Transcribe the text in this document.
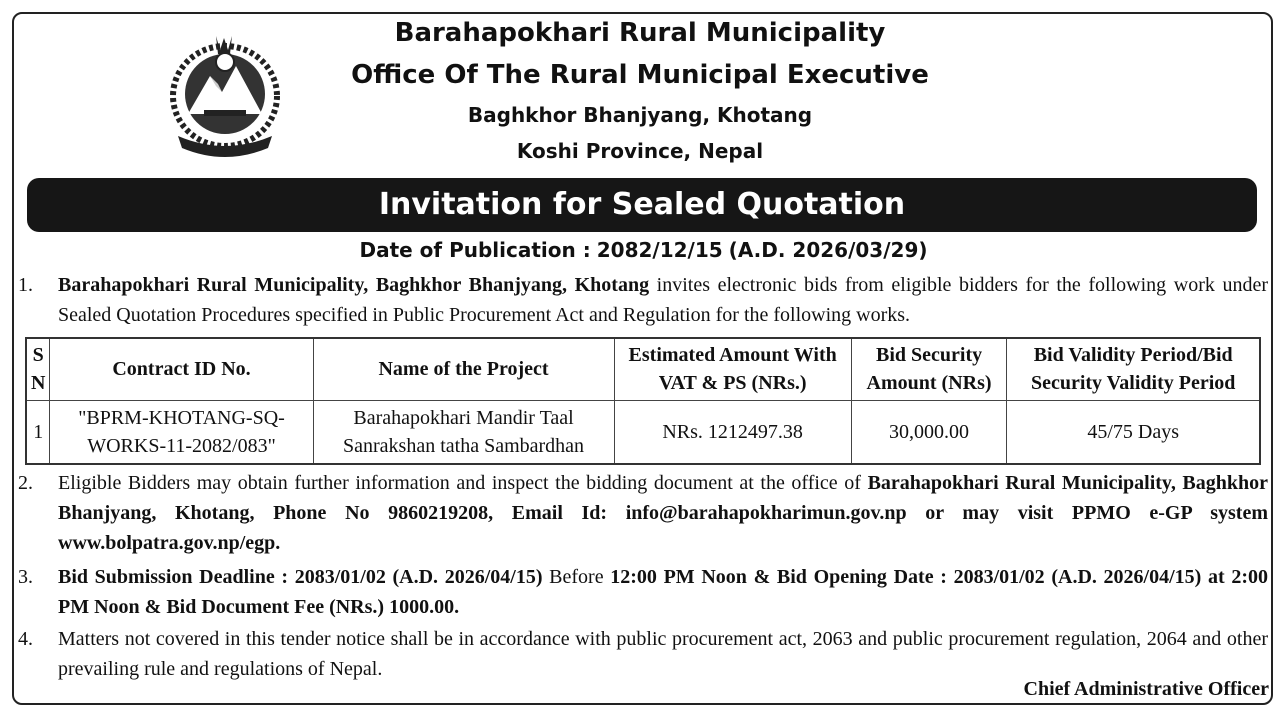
Barahapokhari Rural Municipality
Office Of The Rural Municipal Executive
Baghkhor Bhanjyang, Khotang
Koshi Province, Nepal
Invitation for Sealed Quotation
Date of Publication : 2082/12/15 (A.D. 2026/03/29)
1.	Barahapokhari Rural Municipality, Baghkhor Bhanjyang, Khotang invites electronic bids from eligible bidders for the following work under Sealed Quotation Procedures specified in Public Procurement Act and Regulation for the following works.
S N	Contract ID No.	Name of the Project	Estimated Amount With VAT & PS (NRs.)	Bid Security Amount (NRs)	Bid Validity Period/Bid Security Validity Period
1	"BPRM-KHOTANG-SQ-WORKS-11-2082/083"	Barahapokhari Mandir Taal Sanrakshan tatha Sambardhan	NRs. 1212497.38	30,000.00	45/75 Days
2.	Eligible Bidders may obtain further information and inspect the bidding document at the office of Barahapokhari Rural Municipality, Baghkhor Bhanjyang, Khotang, Phone No 9860219208, Email Id: info@barahapokharimun.gov.np or may visit PPMO e-GP system www.bolpatra.gov.np/egp.
3.	Bid Submission Deadline : 2083/01/02 (A.D. 2026/04/15) Before 12:00 PM Noon & Bid Opening Date : 2083/01/02 (A.D. 2026/04/15) at 2:00 PM Noon & Bid Document Fee (NRs.) 1000.00.
4.	Matters not covered in this tender notice shall be in accordance with public procurement act, 2063 and public procurement regulation, 2064 and other prevailing rule and regulations of Nepal.
Chief Administrative Officer
